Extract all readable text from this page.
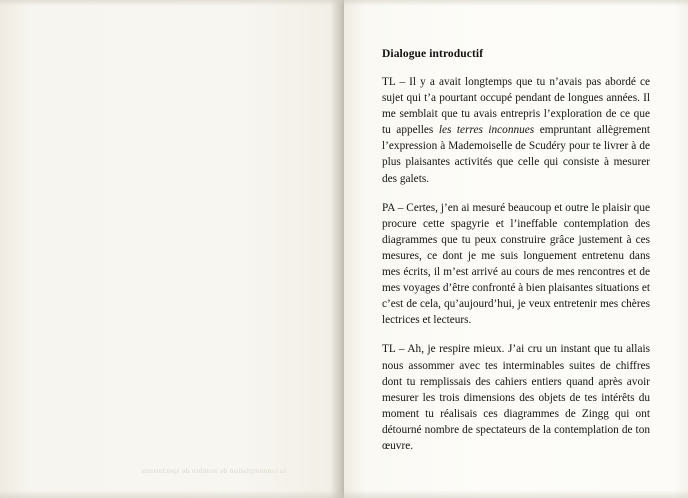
la contemplation de nombre de spectateurs
Dialogue introductif

TL – Il y a avait longtemps que tu n’avais pas abordé ce sujet qui t’a pourtant occupé pendant de longues années. Il me semblait que tu avais entrepris l’exploration de ce que tu appelles les terres inconnues empruntant allègrement l’expression à Mademoiselle de Scudéry pour te livrer à de plus plaisantes activités que celle qui consiste à mesurer des galets.

PA – Certes, j’en ai mesuré beaucoup et outre le plaisir que procure cette spagyrie et l’ineffable contemplation des diagrammes que tu peux construire grâce justement à ces mesures, ce dont je me suis longuement entretenu dans mes écrits, il m’est arrivé au cours de mes rencontres et de mes voyages d’être confronté à bien plaisantes situations et c’est de cela, qu’aujourd’hui, je veux entretenir mes chères lectrices et lecteurs.

TL – Ah, je respire mieux. J’ai cru un instant que tu allais nous assommer avec tes interminables suites de chiffres dont tu remplissais des cahiers entiers quand après avoir mesurer les trois dimensions des objets de tes intérêts du moment tu réalisais ces diagrammes de Zingg qui ont détourné nombre de spectateurs de la contemplation de ton œuvre.
